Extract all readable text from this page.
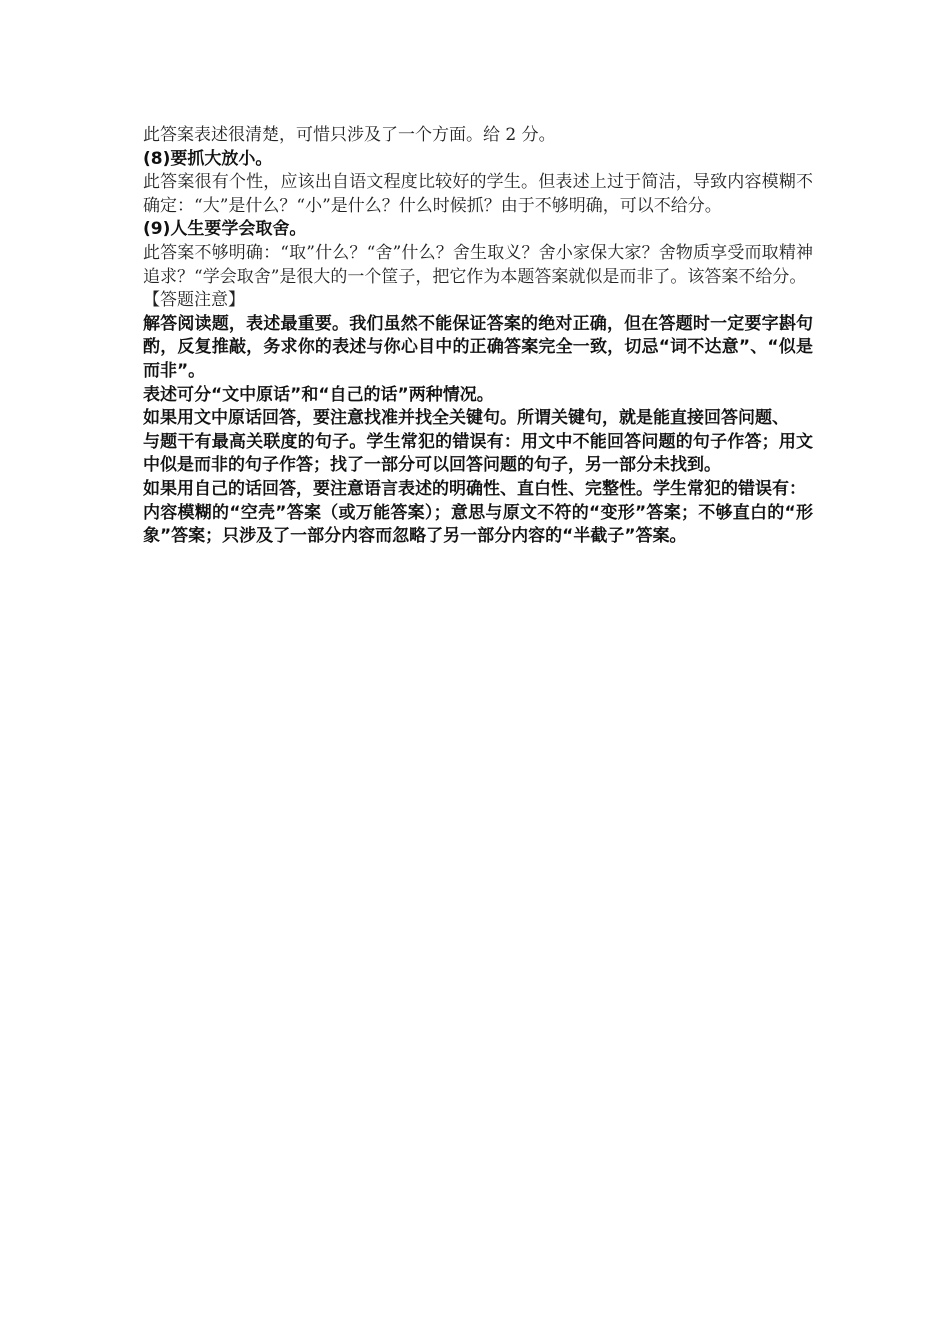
此答案表述很清楚，可惜只涉及了一个方面。给 2 分。

(8)要抓大放小。

此答案很有个性，应该出自语文程度比较好的学生。但表述上过于简洁，导致内容模糊不确定：“大”是什么？“小”是什么？什么时候抓？由于不够明确，可以不给分。

(9)人生要学会取舍。

此答案不够明确：“取”什么？“舍”什么？舍生取义？舍小家保大家？舍物质享受而取精神追求？“学会取舍”是很大的一个筐子，把它作为本题答案就似是而非了。该答案不给分。

【答题注意】

解答阅读题，表述最重要。我们虽然不能保证答案的绝对正确，但在答题时一定要字斟句酌，反复推敲，务求你的表述与你心目中的正确答案完全一致，切忌“词不达意”、“似是而非”。

表述可分“文中原话”和“自己的话”两种情况。

如果用文中原话回答，要注意找准并找全关键句。所谓关键句，就是能直接回答问题、

与题干有最高关联度的句子。学生常犯的错误有：用文中不能回答问题的句子作答；用文中似是而非的句子作答；找了一部分可以回答问题的句子，另一部分未找到。

如果用自己的话回答，要注意语言表述的明确性、直白性、完整性。学生常犯的错误有：

内容模糊的“空壳”答案（或万能答案）；意思与原文不符的“变形”答案；不够直白的“形象”答案；只涉及了一部分内容而忽略了另一部分内容的“半截子”答案。
